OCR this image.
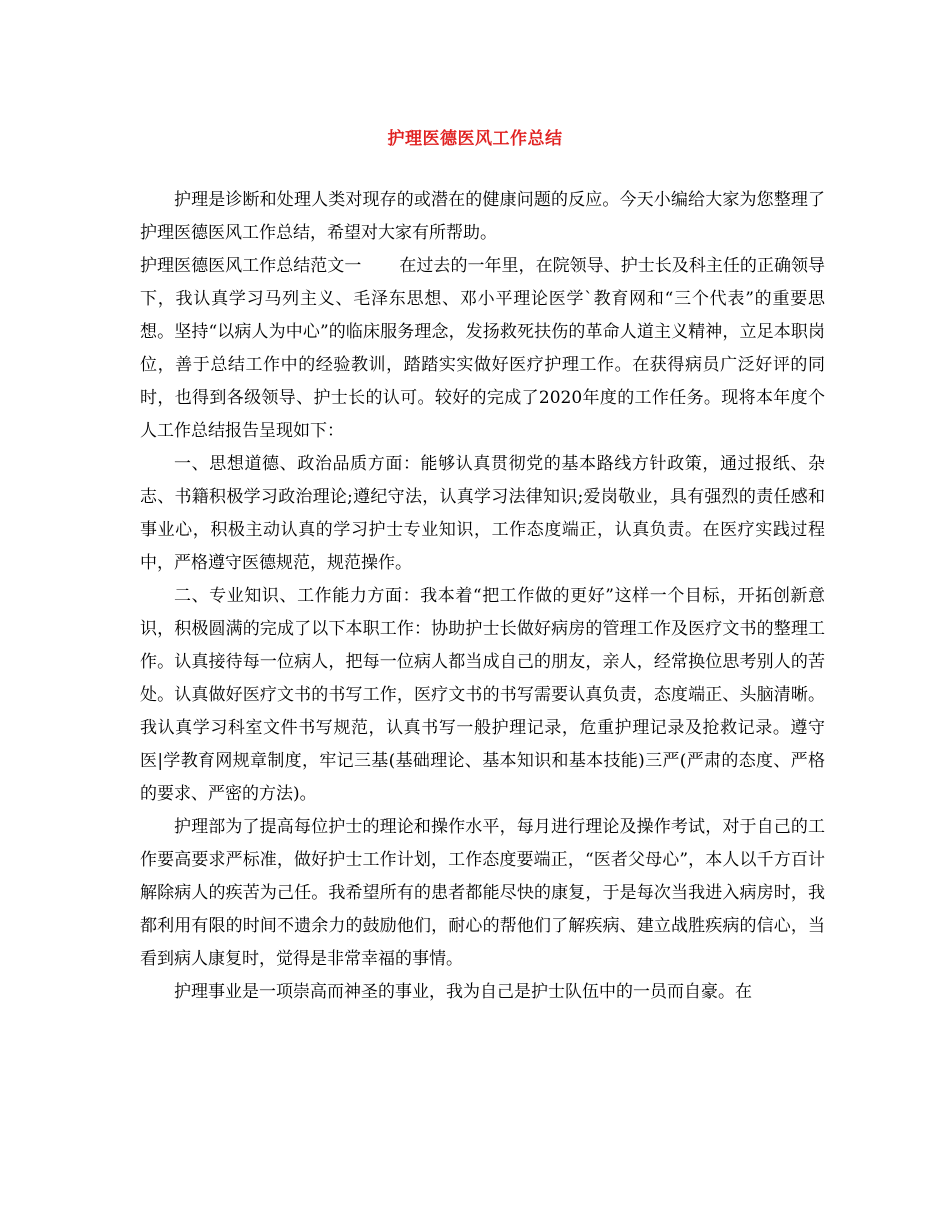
护理医德医风工作总结

护理是诊断和处理人类对现存的或潜在的健康问题的反应。今天小编给大家为您整理了护理医德医风工作总结，希望对大家有所帮助。

护理医德医风工作总结范文一 在过去的一年里，在院领导、护士长及科主任的正确领导下，我认真学习马列主义、毛泽东思想、邓小平理论医学`教育网和“三个代表”的重要思想。坚持“以病人为中心”的临床服务理念，发扬救死扶伤的革命人道主义精神，立足本职岗位，善于总结工作中的经验教训，踏踏实实做好医疗护理工作。在获得病员广泛好评的同时，也得到各级领导、护士长的认可。较好的完成了2020年度的工作任务。现将本年度个人工作总结报告呈现如下：

一、思想道德、政治品质方面：能够认真贯彻党的基本路线方针政策，通过报纸、杂志、书籍积极学习政治理论;遵纪守法，认真学习法律知识;爱岗敬业，具有强烈的责任感和事业心，积极主动认真的学习护士专业知识，工作态度端正，认真负责。在医疗实践过程中，严格遵守医德规范，规范操作。

二、专业知识、工作能力方面：我本着“把工作做的更好”这样一个目标，开拓创新意识，积极圆满的完成了以下本职工作：协助护士长做好病房的管理工作及医疗文书的整理工作。认真接待每一位病人，把每一位病人都当成自己的朋友，亲人，经常换位思考别人的苦处。认真做好医疗文书的书写工作，医疗文书的书写需要认真负责，态度端正、头脑清晰。我认真学习科室文件书写规范，认真书写一般护理记录，危重护理记录及抢救记录。遵守医|学教育网规章制度，牢记三基(基础理论、基本知识和基本技能)三严(严肃的态度、严格的要求、严密的方法)。

护理部为了提高每位护士的理论和操作水平，每月进行理论及操作考试，对于自己的工作要高要求严标准，做好护士工作计划，工作态度要端正，“医者父母心”，本人以千方百计解除病人的疾苦为己任。我希望所有的患者都能尽快的康复，于是每次当我进入病房时，我都利用有限的时间不遗余力的鼓励他们，耐心的帮他们了解疾病、建立战胜疾病的信心，当看到病人康复时，觉得是非常幸福的事情。

护理事业是一项崇高而神圣的事业，我为自己是护士队伍中的一员而自豪。在
